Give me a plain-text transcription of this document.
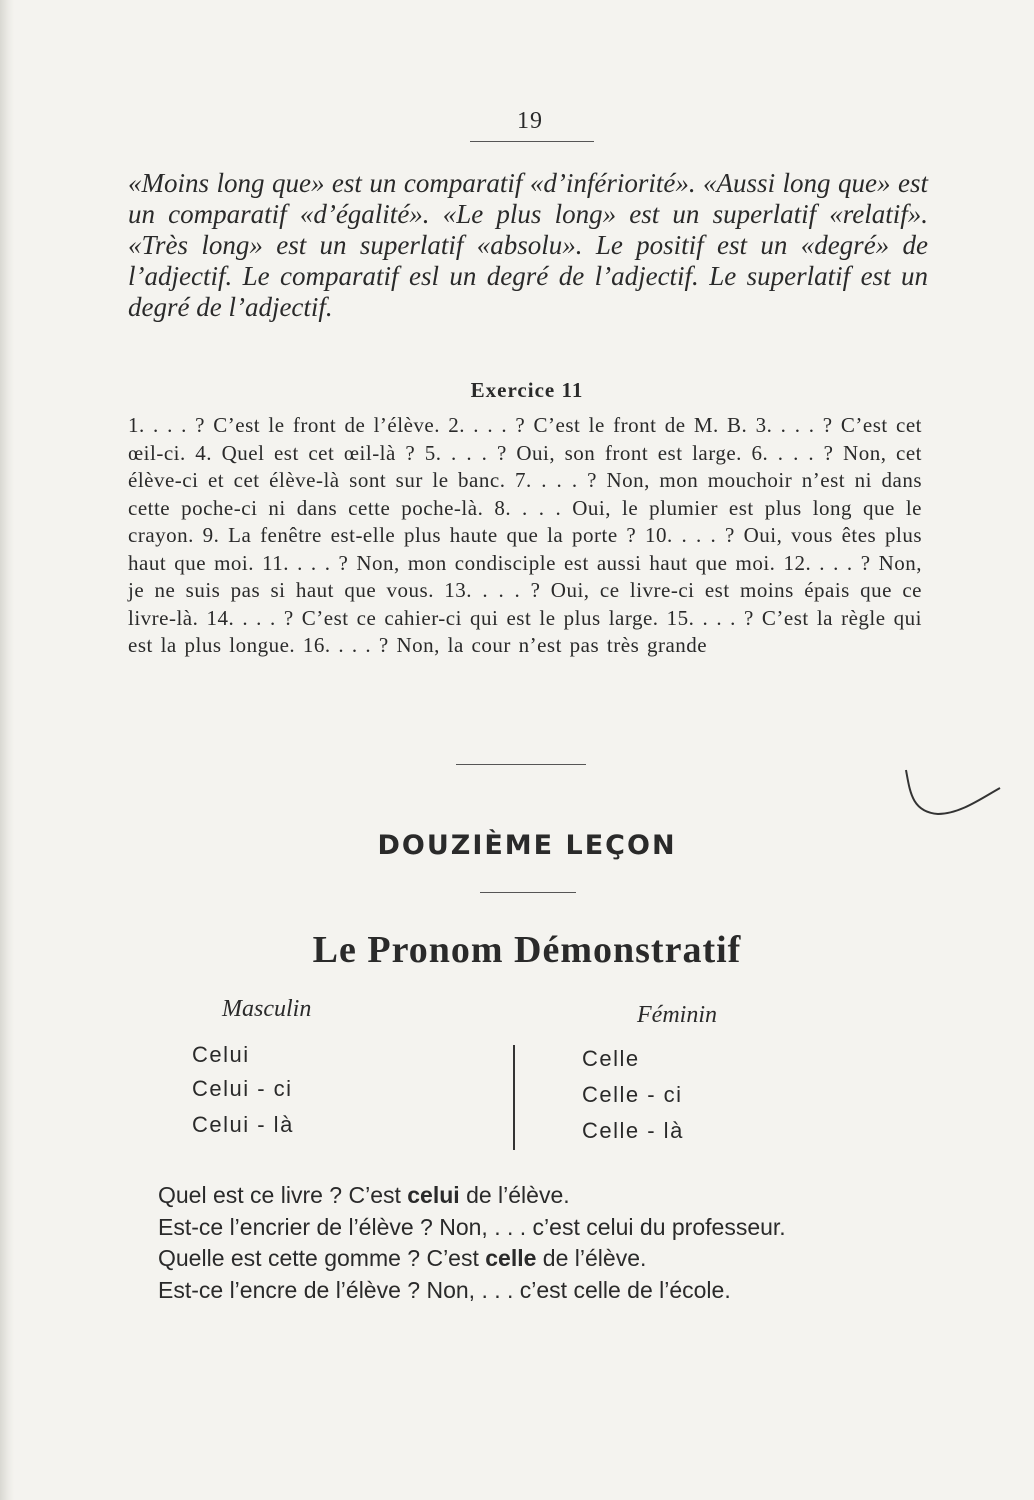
19

«Moins long que» est un comparatif «d’infériorité». «Aussi long que» est un comparatif «d’égalité». «Le plus long» est un superlatif «relatif». «Très long» est un superlatif «absolu». Le positif est un «degré» de l’adjectif. Le comparatif esl un degré de l’adjectif. Le superlatif est un degré de l’adjectif.

Exercice 11

1. . . . ? C’est le front de l’élève. 2. . . . ? C’est le front de M. B. 3. . . . ? C’est cet œil-ci. 4. Quel est cet œil-là ? 5. . . . ? Oui, son front est large. 6. . . . ? Non, cet élève-ci et cet élève-là sont sur le banc. 7. . . . ? Non, mon mouchoir n’est ni dans cette poche-ci ni dans cette poche-là. 8. . . . Oui, le plumier est plus long que le crayon. 9. La fenêtre est-elle plus haute que la porte ? 10. . . . ? Oui, vous êtes plus haut que moi. 11. . . . ? Non, mon condisciple est aussi haut que moi. 12. . . . ? Non, je ne suis pas si haut que vous. 13. . . . ? Oui, ce livre-ci est moins épais que ce livre-là. 14. . . . ? C’est ce cahier-ci qui est le plus large. 15. . . . ? C’est la règle qui est la plus longue. 16. . . . ? Non, la cour n’est pas très grande

DOUZIÈME LEÇON
Le Pronom Démonstratif
Masculin	Féminin
Celui
Celui - ci
Celui - là
Celle
Celle - ci
Celle - là

Quel est ce livre ? C’est celui de l’élève.

Est-ce l’encrier de l’élève ? Non, . . . c’est celui du professeur.

Quelle est cette gomme ? C’est celle de l’élève.

Est-ce l’encre de l’élève ? Non, . . . c’est celle de l’école.
